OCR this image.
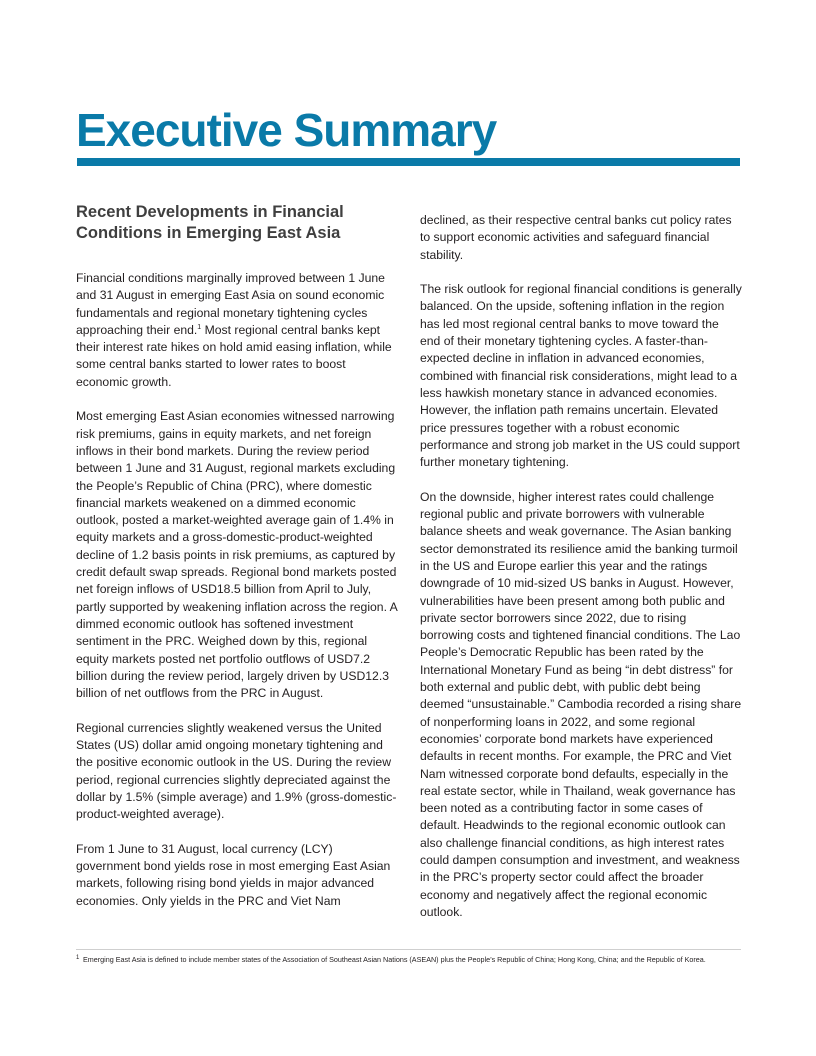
Executive Summary
Recent Developments in Financial Conditions in Emerging East Asia

Financial conditions marginally improved between 1 June and 31 August in emerging East Asia on sound economic fundamentals and regional monetary tightening cycles approaching their end.$^1$ Most regional central banks kept their interest rate hikes on hold amid easing inflation, while some central banks started to lower rates to boost economic growth.

Most emerging East Asian economies witnessed narrowing risk premiums, gains in equity markets, and net foreign inflows in their bond markets. During the review period between 1 June and 31 August, regional markets excluding the People’s Republic of China (PRC), where domestic financial markets weakened on a dimmed economic outlook, posted a market-weighted average gain of 1.4% in equity markets and a gross-domestic-product-weighted decline of 1.2 basis points in risk premiums, as captured by credit default swap spreads. Regional bond markets posted net foreign inflows of USD18.5 billion from April to July, partly supported by weakening inflation across the region. A dimmed economic outlook has softened investment sentiment in the PRC. Weighed down by this, regional equity markets posted net portfolio outflows of USD7.2 billion during the review period, largely driven by USD12.3 billion of net outflows from the PRC in August.

Regional currencies slightly weakened versus the United States (US) dollar amid ongoing monetary tightening and the positive economic outlook in the US. During the review period, regional currencies slightly depreciated against the dollar by 1.5% (simple average) and 1.9% (gross-domestic-product-weighted average).

From 1 June to 31 August, local currency (LCY) government bond yields rose in most emerging East Asian markets, following rising bond yields in major advanced economies. Only yields in the PRC and Viet Nam

declined, as their respective central banks cut policy rates to support economic activities and safeguard financial stability.

The risk outlook for regional financial conditions is generally balanced. On the upside, softening inflation in the region has led most regional central banks to move toward the end of their monetary tightening cycles. A faster-than-expected decline in inflation in advanced economies, combined with financial risk considerations, might lead to a less hawkish monetary stance in advanced economies. However, the inflation path remains uncertain. Elevated price pressures together with a robust economic performance and strong job market in the US could support further monetary tightening.

On the downside, higher interest rates could challenge regional public and private borrowers with vulnerable balance sheets and weak governance. The Asian banking sector demonstrated its resilience amid the banking turmoil in the US and Europe earlier this year and the ratings downgrade of 10 mid-sized US banks in August. However, vulnerabilities have been present among both public and private sector borrowers since 2022, due to rising borrowing costs and tightened financial conditions. The Lao People’s Democratic Republic has been rated by the International Monetary Fund as being “in debt distress” for both external and public debt, with public debt being deemed “unsustainable.” Cambodia recorded a rising share of nonperforming loans in 2022, and some regional economies’ corporate bond markets have experienced defaults in recent months. For example, the PRC and Viet Nam witnessed corporate bond defaults, especially in the real estate sector, while in Thailand, weak governance has been noted as a contributing factor in some cases of default. Headwinds to the regional economic outlook can also challenge financial conditions, as high interest rates could dampen consumption and investment, and weakness in the PRC’s property sector could affect the broader economy and negatively affect the regional economic outlook.

1 Emerging East Asia is defined to include member states of the Association of Southeast Asian Nations (ASEAN) plus the People’s Republic of China; Hong Kong, China; and the Republic of Korea.
